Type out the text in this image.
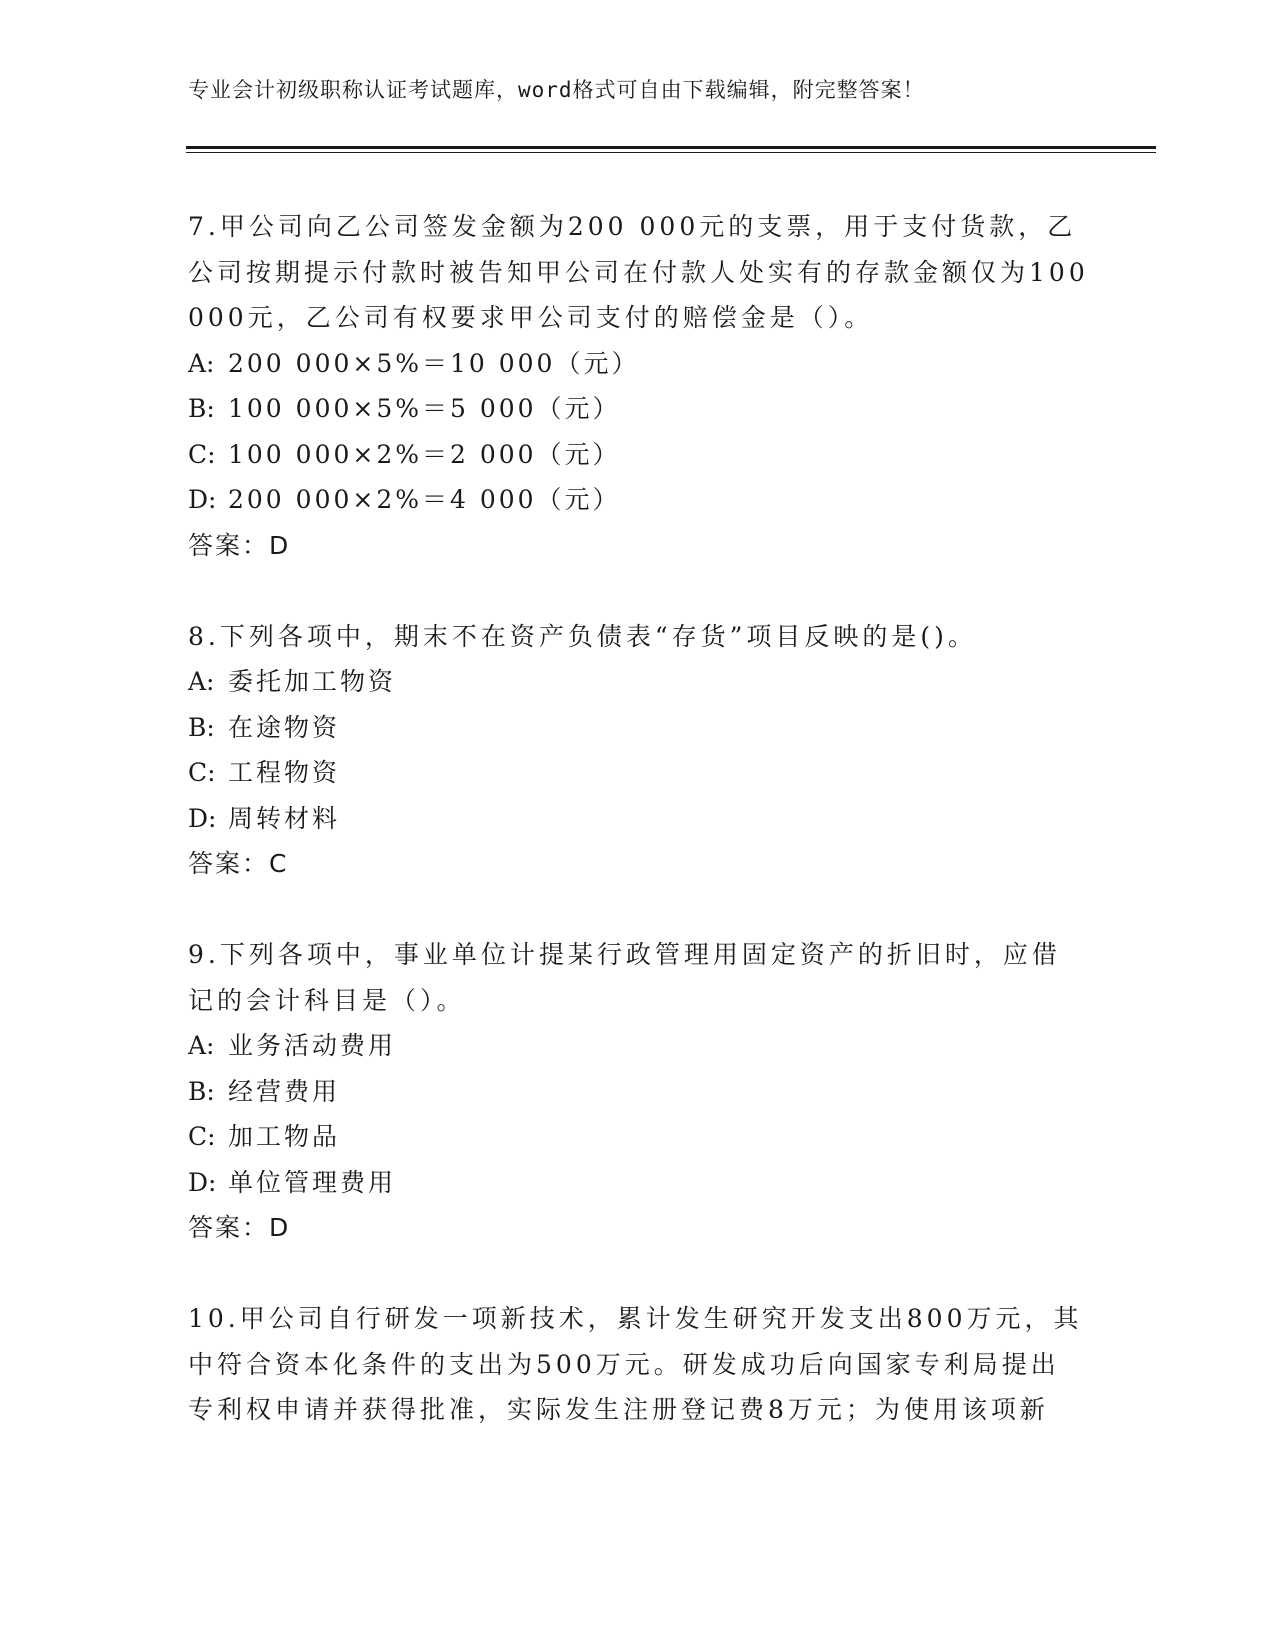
专业会计初级职称认证考试题库，word格式可自由下载编辑，附完整答案！
7.甲公司向乙公司签发金额为200 000元的支票，用于支付货款，乙
公司按期提示付款时被告知甲公司在付款人处实有的存款金额仅为100
000元，乙公司有权要求甲公司支付的赔偿金是（）。
A: 200 000×5%＝10 000（元）
B: 100 000×5%＝5 000（元）
C: 100 000×2%＝2 000（元）
D: 200 000×2%＝4 000（元）
答案：D
8.下列各项中，期末不在资产负债表“存货”项目反映的是()。
A: 委托加工物资
B: 在途物资
C: 工程物资
D: 周转材料
答案：C
9.下列各项中，事业单位计提某行政管理用固定资产的折旧时，应借
记的会计科目是（）。
A: 业务活动费用
B: 经营费用
C: 加工物品
D: 单位管理费用
答案：D
10.甲公司自行研发一项新技术，累计发生研究开发支出800万元，其
中符合资本化条件的支出为500万元。研发成功后向国家专利局提出
专利权申请并获得批准，实际发生注册登记费8万元；为使用该项新
